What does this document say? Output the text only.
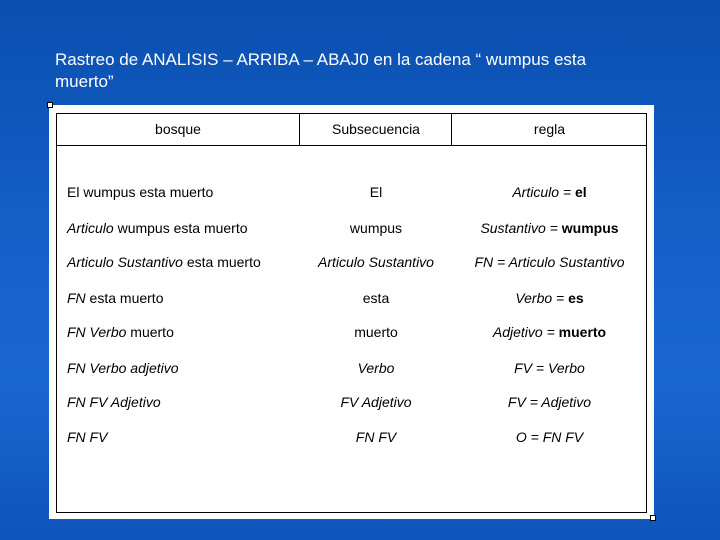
Rastreo de ANALISIS – ARRIBA – ABAJ0 en la cadena “ wumpus esta muerto”
bosque	Subsecuencia	regla
El wumpus esta muerto	El	Articulo = el
Articulo wumpus esta muerto	wumpus	Sustantivo = wumpus
Articulo Sustantivo esta muerto	Articulo Sustantivo	FN = Articulo Sustantivo
FN esta muerto	esta	Verbo = es
FN Verbo muerto	muerto	Adjetivo = muerto
FN Verbo adjetivo	Verbo	FV = Verbo
FN FV Adjetivo	FV Adjetivo	FV = Adjetivo
FN FV	FN FV	O = FN FV
